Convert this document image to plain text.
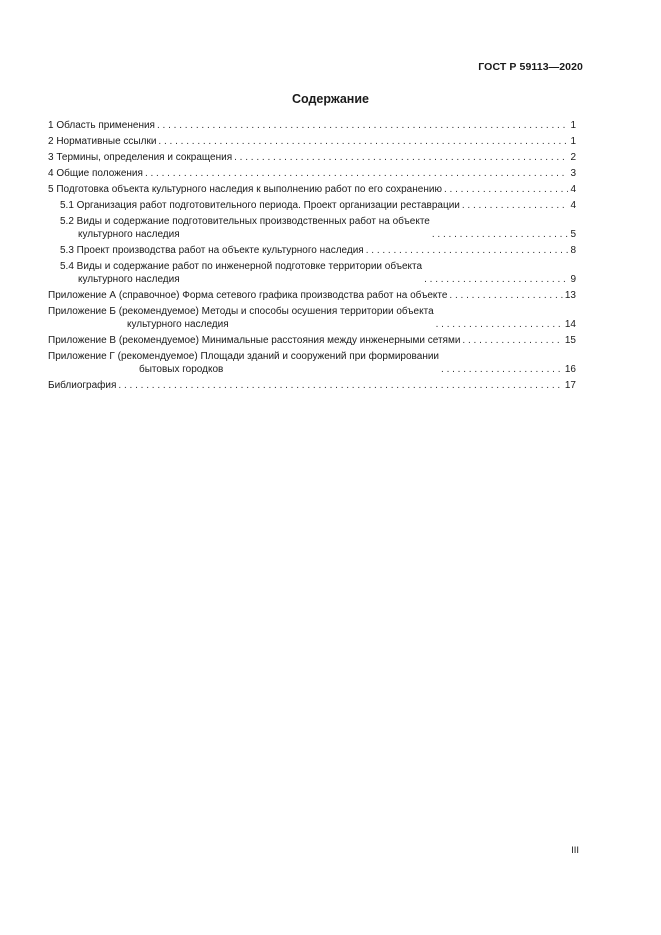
ГОСТ Р 59113—2020
Содержание
1 Область применения . . .	1
2 Нормативные ссылки . . .	1
3 Термины, определения и сокращения . . .	2
4 Общие положения . . .	3
5 Подготовка объекта культурного наследия к выполнению работ по его сохранению . . .	4
5.1 Организация работ подготовительного периода. Проект организации реставрации . . .	4
5.2 Виды и содержание подготовительных производственных работ на объекте
культурного наследия . . .	5
5.3 Проект производства работ на объекте культурного наследия . . .	8
5.4 Виды и содержание работ по инженерной подготовке территории объекта
культурного наследия . . .	9
Приложение А (справочное) Форма сетевого графика производства работ на объекте . . .	13
Приложение Б (рекомендуемое) Методы и способы осушения территории объекта
культурного наследия . . .	14
Приложение В (рекомендуемое) Минимальные расстояния между инженерными сетями . . .	15
Приложение Г (рекомендуемое) Площади зданий и сооружений при формировании
бытовых городков . . .	16
Библиография . . .	17
III
